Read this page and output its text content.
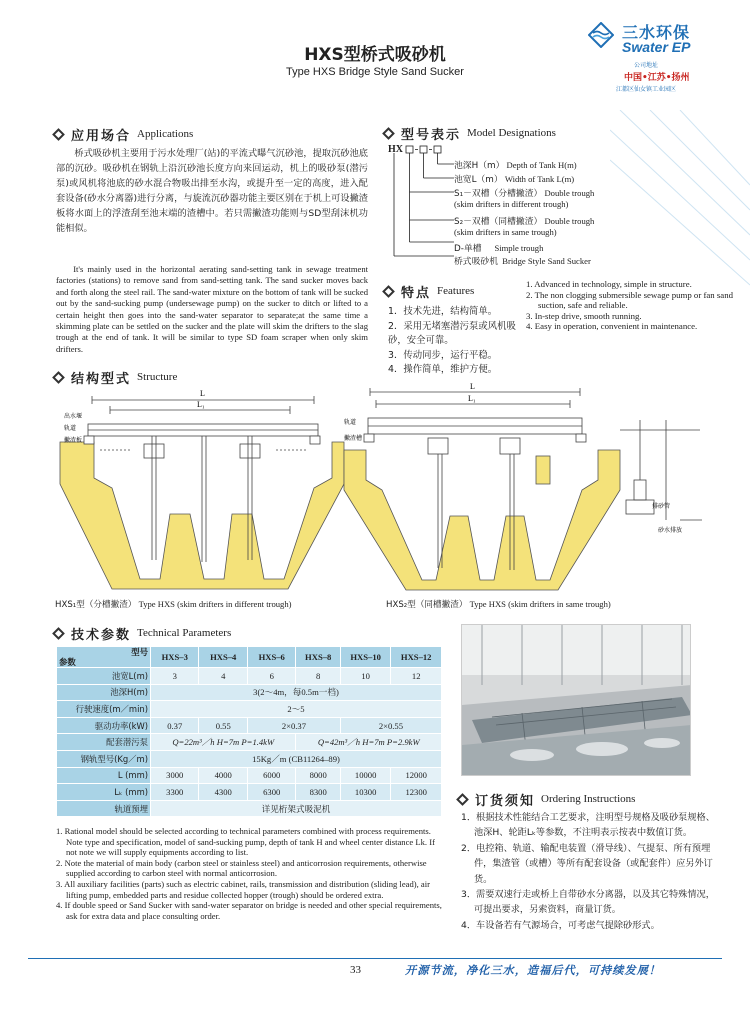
HXS型桥式吸砂机
Type HXS Bridge Style Sand Sucker
三水环保
Swater EP
公司地址
中国•江苏•扬州
江都区仙女镇工业园区
应用场合 Applications
桥式吸砂机主要用于污水处理厂(站)的平流式曝气沉砂池，提取沉砂池底部的沉砂。吸砂机在钢轨上沿沉砂池长度方向来回运动，机上的吸砂泵(潜污泵)或风机将池底的砂水混合物吸出排至水沟，或提升至一定的高度，进入配套设备(砂水分离器)进行分离，与旋流沉砂器功能主要区别在于机上可设撇渣板将水面上的浮渣刮至池末端的渣槽中。若只需撇渣功能则与SD型刮沫机功能相似。
It's mainly used in the horizontal aerating sand-setting tank in sewage treatment factories (stations) to remove sand from sand-setting tank. The sand sucker moves back and forth along the steel rail. The sand-water mixture on the bottom of tank will be sucked out by the sand-sucking pump (undersewage pump) on the sucker to ditch or lifted to a certain height then goes into the sand-water separator to separate;at the same time a skimming plate can be settled on the sucker and the plate will skim the drifters to the slag trough at the end of tank. It will be similar to type SD foam scraper when only skim drifters.
型号表示 Model Designations
HX
池深H（m） Depth of Tank H(m)
池宽L（m） Width of Tank L(m)
S₁－双槽（分槽撇渣） Double trough
(skim drifters in different trough)
S₂－双槽（同槽撇渣） Double trough
(skim drifters in same trough)
D-单槽 Simple trough
桥式吸砂机 Bridge Style Sand Sucker
特点 Features
1．技术先进，结构简单。
2．采用无堵塞潜污泵或风机吸砂，安全可靠。
3．传动同步，运行平稳。
4．操作简单，维护方便。
1. Advanced in technology, simple in structure.
2. The non clogging submersible sewage pump or fan sand suction, safe and reliable.
3. In-step drive, smooth running.
4. Easy in operation, convenient in maintenance.
结构型式 Structure
L
L₁
出水堰
轨道
撇渣板
HXS₁型（分槽撇渣） Type HXS (skim drifters in different trough)
L
L₁
轨道
撇渣槽
排砂管
砂水排放
HXS₂型（同槽撇渣） Type HXS (skim drifters in same trough)
技术参数 Technical Parameters
型号
参数	HXS–3	HXS–4	HXS–6	HXS–8	HXS–10	HXS–12
池宽L(m)	3	4	6	8	10	12
池深H(m)	3(2～4m，每0.5m一档)					
行驶速度(m／min)	2～5					
驱动功率(kW)	0.37	0.55	2×0.37		2×0.55	
配套潜污泵	Q=22m³／h H=7m P=1.4kW			Q=42m³／h H=7m P=2.9kW		
钢轨型号(Kg／m)	15Kg／m (CB11264–89)					
L (mm)	3000	4000	6000	8000	10000	12000
Lₖ (mm)	3300	4300	6300	8300	10300	12300
轨道预埋	详见桁架式吸泥机					
1. Rational model should be selected according to technical parameters combined with process requirements. Note type and specification, model of sand-sucking pump, depth of tank H and wheel center distance Lk. If not note we will supply equipments according to list.
2. Note the material of main body (carbon steel or stainless steel) and anticorrosion requirements, otherwise supplied according to carbon steel with normal anticorrosion.
3. All auxiliary facilities (parts) such as electric cabinet, rails, transmission and distribution (sliding lead), air lifting pump, embedded parts and residue collected hopper (trough) should be ordered extra.
4. If double speed or Sand Sucker with sand-water separator on bridge is needed and other special requirements, ask for extra data and place consulting order.
订货须知 Ordering Instructions
1．根据技术性能结合工艺要求，注明型号规格及吸砂泵规格、池深H、轮距Lₖ等参数，不注明表示按表中数值订货。
2．电控箱、轨道、输配电装置（滑导线）、气提泵、所有预埋件，集渣管（或槽）等所有配套设备（或配套件）应另外订货。
3．需要双速行走或桥上自带砂水分离器，以及其它特殊情况，可提出要求，另索资料，商量订货。
4．车设备若有气源场合，可考虑气提除砂形式。
33	开源节流，净化三水，造福后代，可持续发展！
